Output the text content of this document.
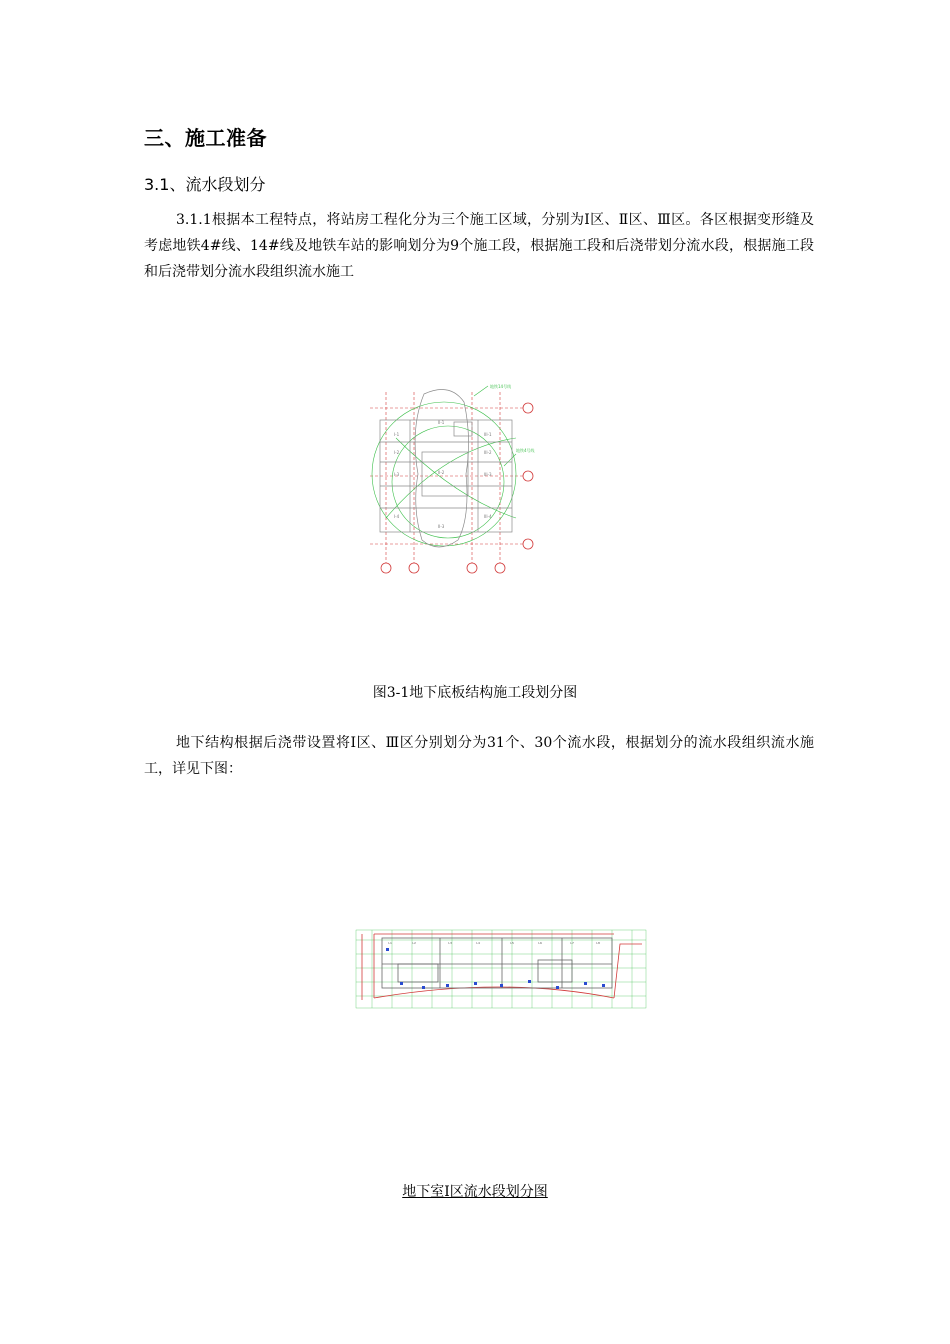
三、施工准备
3.1、流水段划分
3.1.1根据本工程特点，将站房工程化分为三个施工区域，分别为Ⅰ区、Ⅱ区、Ⅲ区。各区根据变形缝及考虑地铁4#线、14#线及地铁车站的影响划分为9个施工段，根据施工段和后浇带划分流水段，根据施工段和后浇带划分流水段组织流水施工
地铁14号线
地铁4号线
I-1
I-2
I-3
I-4
II-1
II-2
II-3
III-1
III-2
III-3
III-4
图3-1地下底板结构施工段划分图
地下结构根据后浇带设置将Ⅰ区、Ⅲ区分别划分为31个、30个流水段，根据划分的流水段组织流水施工，详见下图：
I-1	I-2	I-3	I-4	I-5	I-6	I-7	I-8
地下室Ⅰ区流水段划分图
